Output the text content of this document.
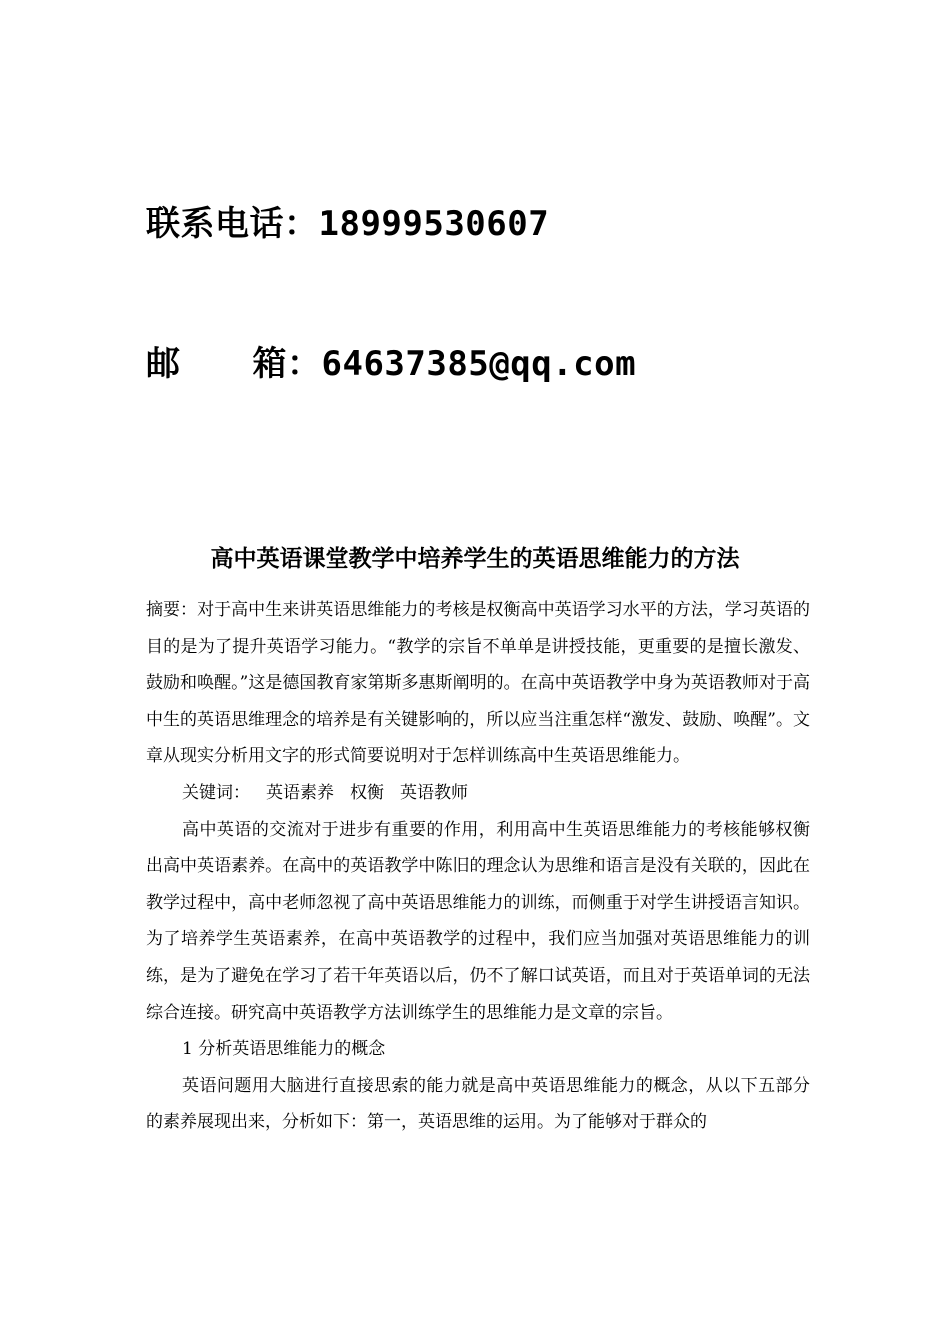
联系电话：18999530607
邮 箱：64637385@qq.com
高中英语课堂教学中培养学生的英语思维能力的方法

摘要：对于高中生来讲英语思维能力的考核是权衡高中英语学习水平的方法，学习英语的目的是为了提升英语学习能力。“教学的宗旨不单单是讲授技能，更重要的是擅长激发、鼓励和唤醒。”这是德国教育家第斯多惠斯阐明的。在高中英语教学中身为英语教师对于高中生的英语思维理念的培养是有关键影响的，所以应当注重怎样“激发、鼓励、唤醒”。文章从现实分析用文字的形式简要说明对于怎样训练高中生英语思维能力。

关键词： 英语素养 权衡 英语教师

高中英语的交流对于进步有重要的作用，利用高中生英语思维能力的考核能够权衡出高中英语素养。在高中的英语教学中陈旧的理念认为思维和语言是没有关联的，因此在教学过程中，高中老师忽视了高中英语思维能力的训练，而侧重于对学生讲授语言知识。为了培养学生英语素养，在高中英语教学的过程中，我们应当加强对英语思维能力的训练，是为了避免在学习了若干年英语以后，仍不了解口试英语，而且对于英语单词的无法综合连接。研究高中英语教学方法训练学生的思维能力是文章的宗旨。

1 分析英语思维能力的概念

英语问题用大脑进行直接思索的能力就是高中英语思维能力的概念，从以下五部分的素养展现出来，分析如下：第一，英语思维的运用。为了能够对于群众的
